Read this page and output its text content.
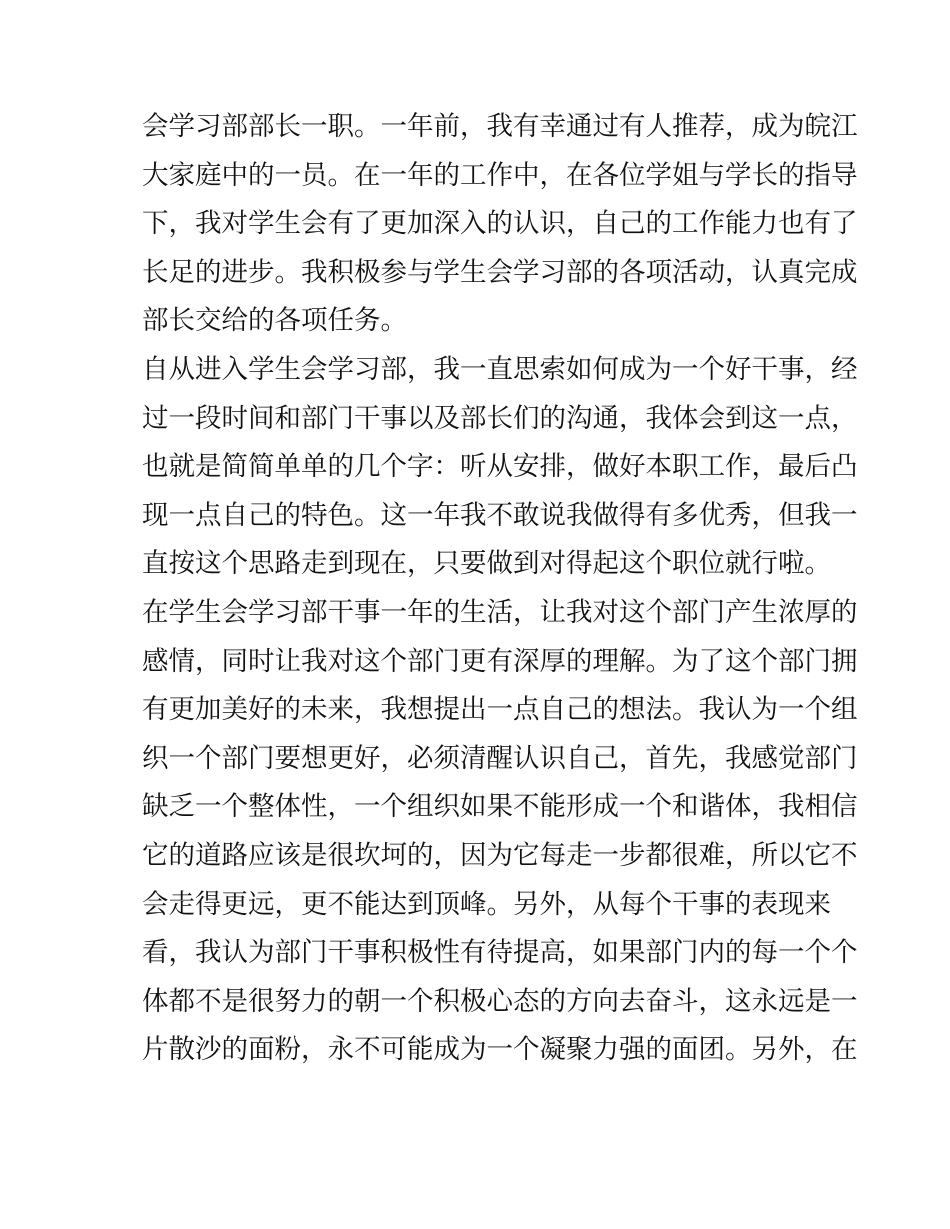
会学习部部长一职。一年前，我有幸通过有人推荐，成为皖江
大家庭中的一员。在一年的工作中，在各位学姐与学长的指导
下，我对学生会有了更加深入的认识，自己的工作能力也有了
长足的进步。我积极参与学生会学习部的各项活动，认真完成
部长交给的各项任务。
自从进入学生会学习部，我一直思索如何成为一个好干事，经
过一段时间和部门干事以及部长们的沟通，我体会到这一点，
也就是简简单单的几个字：听从安排，做好本职工作，最后凸
现一点自己的特色。这一年我不敢说我做得有多优秀，但我一
直按这个思路走到现在，只要做到对得起这个职位就行啦。
在学生会学习部干事一年的生活，让我对这个部门产生浓厚的
感情，同时让我对这个部门更有深厚的理解。为了这个部门拥
有更加美好的未来，我想提出一点自己的想法。我认为一个组
织一个部门要想更好，必须清醒认识自己，首先，我感觉部门
缺乏一个整体性，一个组织如果不能形成一个和谐体，我相信
它的道路应该是很坎坷的，因为它每走一步都很难，所以它不
会走得更远，更不能达到顶峰。另外，从每个干事的表现来
看，我认为部门干事积极性有待提高，如果部门内的每一个个
体都不是很努力的朝一个积极心态的方向去奋斗，这永远是一
片散沙的面粉，永不可能成为一个凝聚力强的面团。另外，在
